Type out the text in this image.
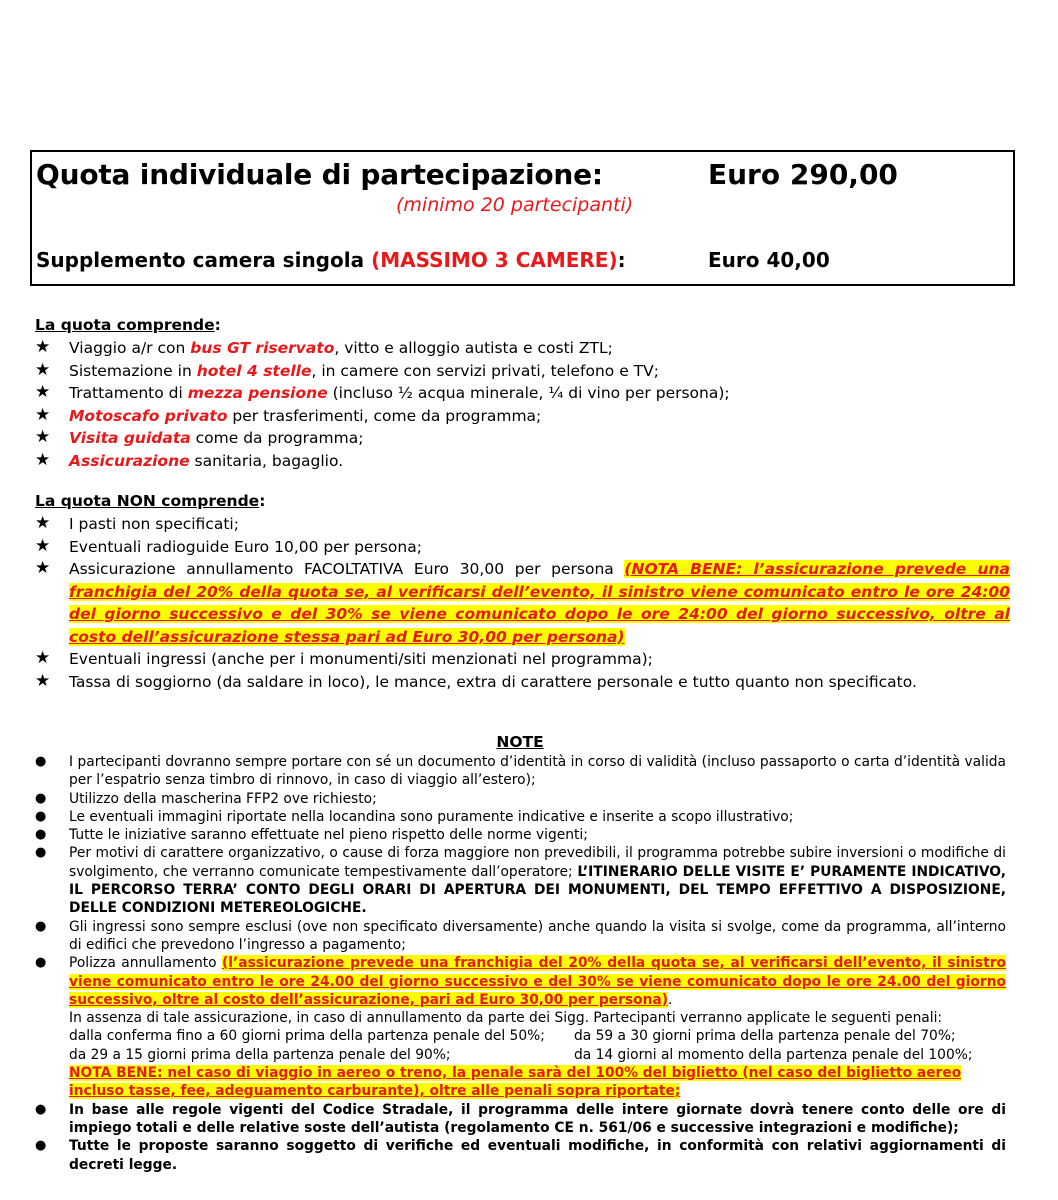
Quota individuale di partecipazione:	Euro 290,00
(minimo 20 partecipanti)
Supplemento camera singola (MASSIMO 3 CAMERE):	Euro 40,00
La quota comprende:
★ Viaggio a/r con bus GT riservato, vitto e alloggio autista e costi ZTL;
★ Sistemazione in hotel 4 stelle, in camere con servizi privati, telefono e TV;
★ Trattamento di mezza pensione (incluso ½ acqua minerale, ¼ di vino per persona);
★ Motoscafo privato per trasferimenti, come da programma;
★ Visita guidata come da programma;
★ Assicurazione sanitaria, bagaglio.
La quota NON comprende:
★ I pasti non specificati;
★ Eventuali radioguide Euro 10,00 per persona;
★ Assicurazione annullamento FACOLTATIVA Euro 30,00 per persona (NOTA BENE: l’assicurazione prevede una franchigia del 20% della quota se, al verificarsi dell’evento, il sinistro viene comunicato entro le ore 24:00 del giorno successivo e del 30% se viene comunicato dopo le ore 24:00 del giorno successivo, oltre al costo dell’assicurazione stessa pari ad Euro 30,00 per persona)
★ Eventuali ingressi (anche per i monumenti/siti menzionati nel programma);
★ Tassa di soggiorno (da saldare in loco), le mance, extra di carattere personale e tutto quanto non specificato.
NOTE
● I partecipanti dovranno sempre portare con sé un documento d’identità in corso di validità (incluso passaporto o carta d’identità valida per l’espatrio senza timbro di rinnovo, in caso di viaggio all’estero);
● Utilizzo della mascherina FFP2 ove richiesto;
● Le eventuali immagini riportate nella locandina sono puramente indicative e inserite a scopo illustrativo;
● Tutte le iniziative saranno effettuate nel pieno rispetto delle norme vigenti;
● Per motivi di carattere organizzativo, o cause di forza maggiore non prevedibili, il programma potrebbe subire inversioni o modifiche di svolgimento, che verranno comunicate tempestivamente dall’operatore; L’ITINERARIO DELLE VISITE E’ PURAMENTE INDICATIVO, IL PERCORSO TERRA’ CONTO DEGLI ORARI DI APERTURA DEI MONUMENTI, DEL TEMPO EFFETTIVO A DISPOSIZIONE, DELLE CONDIZIONI METEREOLOGICHE.
● Gli ingressi sono sempre esclusi (ove non specificato diversamente) anche quando la visita si svolge, come da programma, all’interno di edifici che prevedono l’ingresso a pagamento;
● Polizza annullamento (l’assicurazione prevede una franchigia del 20% della quota se, al verificarsi dell’evento, il sinistro viene comunicato entro le ore 24.00 del giorno successivo e del 30% se viene comunicato dopo le ore 24.00 del giorno successivo, oltre al costo dell’assicurazione, pari ad Euro 30,00 per persona).
In assenza di tale assicurazione, in caso di annullamento da parte dei Sigg. Partecipanti verranno applicate le seguenti penali:
dalla conferma fino a 60 giorni prima della partenza penale del 50%;	da 59 a 30 giorni prima della partenza penale del 70%;
da 29 a 15 giorni prima della partenza penale del 90%;	da 14 giorni al momento della partenza penale del 100%;
NOTA BENE: nel caso di viaggio in aereo o treno, la penale sarà del 100% del biglietto (nel caso del biglietto aereo incluso tasse, fee, adeguamento carburante), oltre alle penali sopra riportate;
● In base alle regole vigenti del Codice Stradale, il programma delle intere giornate dovrà tenere conto delle ore di impiego totali e delle relative soste dell’autista (regolamento CE n. 561/06 e successive integrazioni e modifiche);
● Tutte le proposte saranno soggetto di verifiche ed eventuali modifiche, in conformità con relativi aggiornamenti di decreti legge.
